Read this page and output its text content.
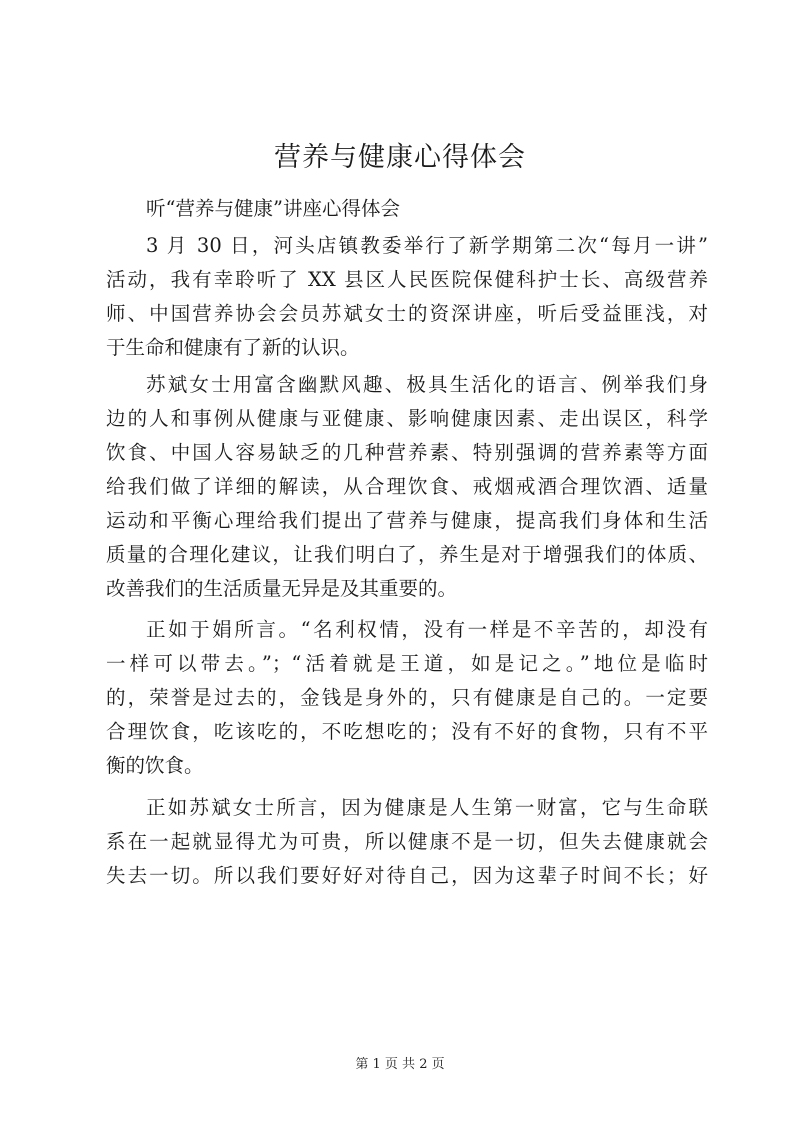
营养与健康心得体会

听“营养与健康”讲座心得体会

3 月 30 日，河头店镇教委举行了新学期第二次“每月一讲”
活动，我有幸聆听了 XX 县区人民医院保健科护士长、高级营养
师、中国营养协会会员苏斌女士的资深讲座，听后受益匪浅，对
于生命和健康有了新的认识。

苏斌女士用富含幽默风趣、极具生活化的语言、例举我们身
边的人和事例从健康与亚健康、影响健康因素、走出误区，科学
饮食、中国人容易缺乏的几种营养素、特别强调的营养素等方面
给我们做了详细的解读，从合理饮食、戒烟戒酒合理饮酒、适量
运动和平衡心理给我们提出了营养与健康，提高我们身体和生活
质量的合理化建议，让我们明白了，养生是对于增强我们的体质、
改善我们的生活质量无异是及其重要的。

正如于娟所言。“名利权情，没有一样是不辛苦的，却没有
一样可以带去。”；“活着就是王道，如是记之。”地位是临时
的，荣誉是过去的，金钱是身外的，只有健康是自己的。一定要
合理饮食，吃该吃的，不吃想吃的；没有不好的食物，只有不平
衡的饮食。

正如苏斌女士所言，因为健康是人生第一财富，它与生命联
系在一起就显得尤为可贵，所以健康不是一切，但失去健康就会
失去一切。所以我们要好好对待自己，因为这辈子时间不长；好

第 1 页 共 2 页
